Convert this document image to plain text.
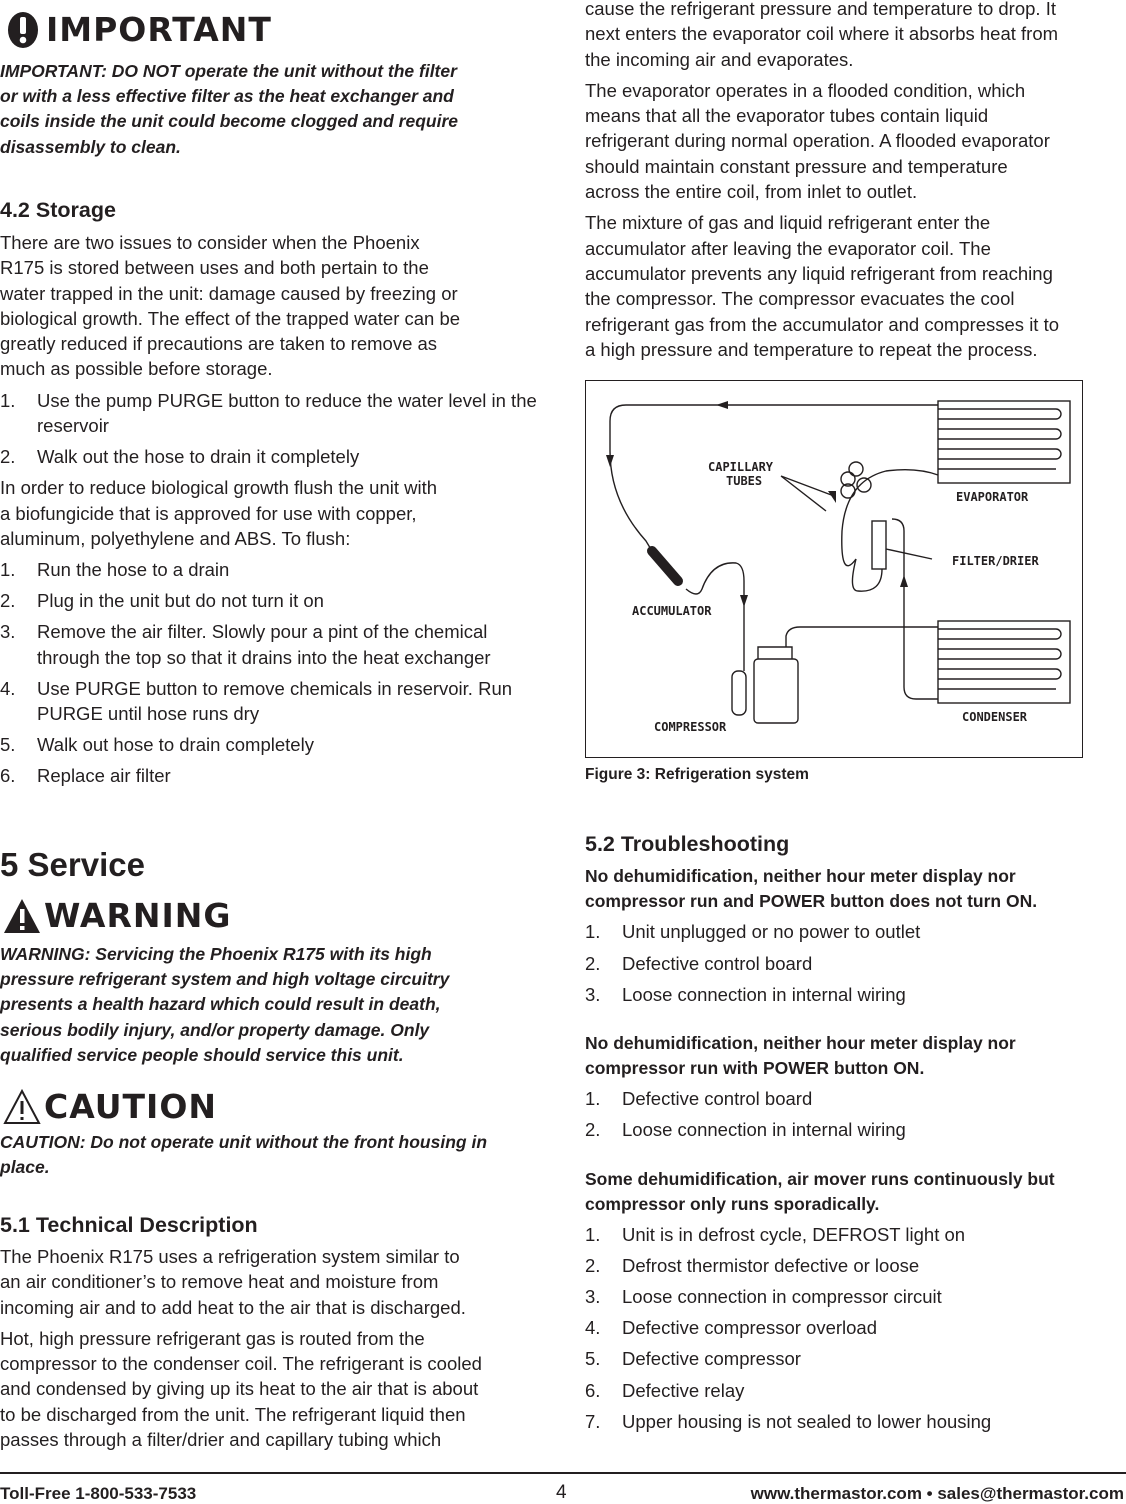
IMPORTANT

IMPORTANT: DO NOT operate the unit without the filter

or with a less effective filter as the heat exchanger and

coils inside the unit could become clogged and require

disassembly to clean.

4.2 Storage

There are two issues to consider when the Phoenix

R175 is stored between uses and both pertain to the

water trapped in the unit: damage caused by freezing or

biological growth. The effect of the trapped water can be

greatly reduced if precautions are taken to remove as

much as possible before storage.

1. Use the pump PURGE button to reduce the water level in the reservoir
2. Walk out the hose to drain it completely

In order to reduce biological growth flush the unit with

a biofungicide that is approved for use with copper,

aluminum, polyethylene and ABS. To flush:

1. Run the hose to a drain
2. Plug in the unit but do not turn it on
3. Remove the air filter. Slowly pour a pint of the chemical through the top so that it drains into the heat exchanger
4. Use PURGE button to remove chemicals in reservoir. Run PURGE until hose runs dry
5. Walk out hose to drain completely
6. Replace air filter
5 Service
WARNING

WARNING: Servicing the Phoenix R175 with its high

pressure refrigerant system and high voltage circuitry

presents a health hazard which could result in death,

serious bodily injury, and/or property damage. Only

qualified service people should service this unit.

CAUTION

CAUTION: Do not operate unit without the front housing in

place.

5.1 Technical Description

The Phoenix R175 uses a refrigeration system similar to

an air conditioner’s to remove heat and moisture from

incoming air and to add heat to the air that is discharged.

Hot, high pressure refrigerant gas is routed from the

compressor to the condenser coil. The refrigerant is cooled

and condensed by giving up its heat to the air that is about

to be discharged from the unit. The refrigerant liquid then

passes through a filter/drier and capillary tubing which

cause the refrigerant pressure and temperature to drop. It

next enters the evaporator coil where it absorbs heat from

the incoming air and evaporates.

The evaporator operates in a flooded condition, which

means that all the evaporator tubes contain liquid

refrigerant during normal operation. A flooded evaporator

should maintain constant pressure and temperature

across the entire coil, from inlet to outlet.

The mixture of gas and liquid refrigerant enter the

accumulator after leaving the evaporator coil. The

accumulator prevents any liquid refrigerant from reaching

the compressor. The compressor evacuates the cool

refrigerant gas from the accumulator and compresses it to

a high pressure and temperature to repeat the process.

CAPILLARY
TUBES
EVAPORATOR
FILTER/DRIER
ACCUMULATOR
COMPRESSOR
CONDENSER
Figure 3: Refrigeration system
5.2 Troubleshooting

No dehumidification, neither hour meter display nor

compressor run and POWER button does not turn ON.

1. Unit unplugged or no power to outlet
2. Defective control board
3. Loose connection in internal wiring

No dehumidification, neither hour meter display nor

compressor run with POWER button ON.

1. Defective control board
2. Loose connection in internal wiring

Some dehumidification, air mover runs continuously but

compressor only runs sporadically.

1. Unit is in defrost cycle, DEFROST light on
2. Defrost thermistor defective or loose
3. Loose connection in compressor circuit
4. Defective compressor overload
5. Defective compressor
6. Defective relay
7. Upper housing is not sealed to lower housing
Toll-Free 1-800-533-7533	4	www.thermastor.com • sales@thermastor.com
